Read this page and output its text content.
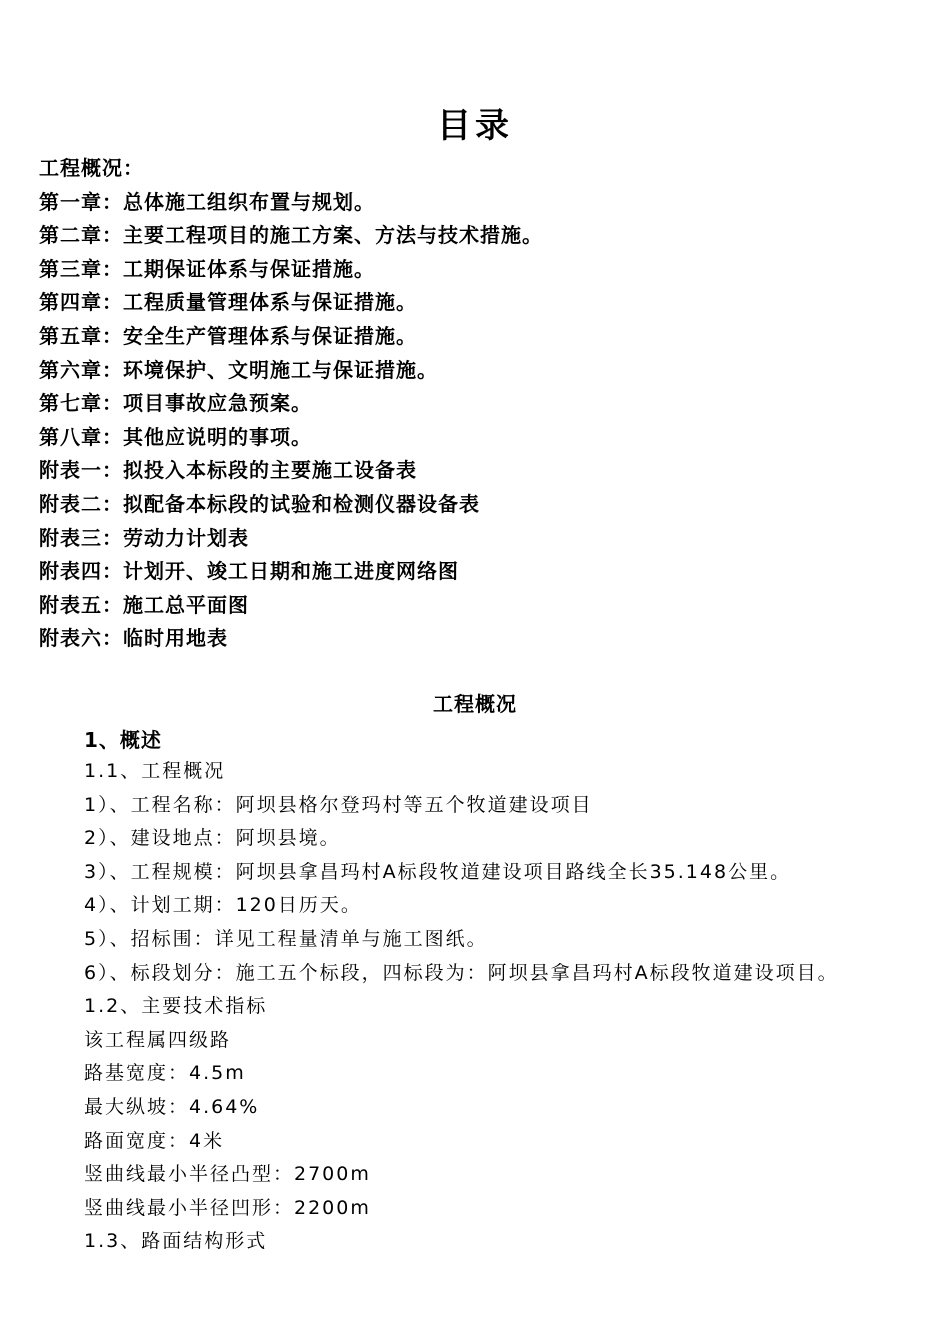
目录
工程概况：
第一章：总体施工组织布置与规划。
第二章：主要工程项目的施工方案、方法与技术措施。
第三章：工期保证体系与保证措施。
第四章：工程质量管理体系与保证措施。
第五章：安全生产管理体系与保证措施。
第六章：环境保护、文明施工与保证措施。
第七章：项目事故应急预案。
第八章：其他应说明的事项。
附表一：拟投入本标段的主要施工设备表
附表二：拟配备本标段的试验和检测仪器设备表
附表三：劳动力计划表
附表四：计划开、竣工日期和施工进度网络图
附表五：施工总平面图
附表六：临时用地表
工程概况
1、概述
1.1、工程概况
1）、工程名称：阿坝县格尔登玛村等五个牧道建设项目
2）、建设地点：阿坝县境。
3）、工程规模：阿坝县拿昌玛村A标段牧道建设项目路线全长35.148公里。
4）、计划工期：120日历天。
5）、招标围：详见工程量清单与施工图纸。
6）、标段划分：施工五个标段，四标段为：阿坝县拿昌玛村A标段牧道建设项目。
1.2、主要技术指标
该工程属四级路
路基宽度：4.5m
最大纵坡：4.64%
路面宽度：4米
竖曲线最小半径凸型：2700m
竖曲线最小半径凹形：2200m
1.3、路面结构形式
